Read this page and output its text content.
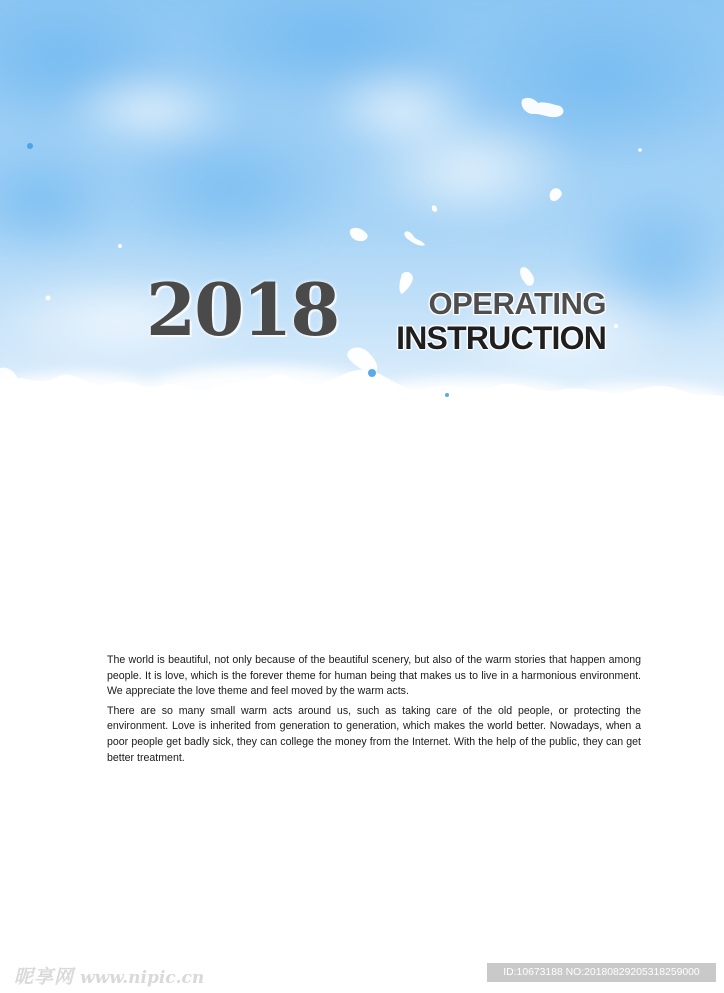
2018	OPERATING
INSTRUCTION

The world is beautiful, not only because of the beautiful scenery, but also of the warm stories that happen among people. It is love, which is the forever theme for human being that makes us to live in a harmonious environment. We appreciate the love theme and feel moved by the warm acts.

There are so many small warm acts around us, such as taking care of the old people, or protecting the environment. Love is inherited from generation to generation, which makes the world better. Nowadays, when a poor people get badly sick, they can college the money from the Internet. With the help of the public, they can get better treatment.

昵享网 www.nipic.cn	ID:10673188 NO:20180829205318259000
